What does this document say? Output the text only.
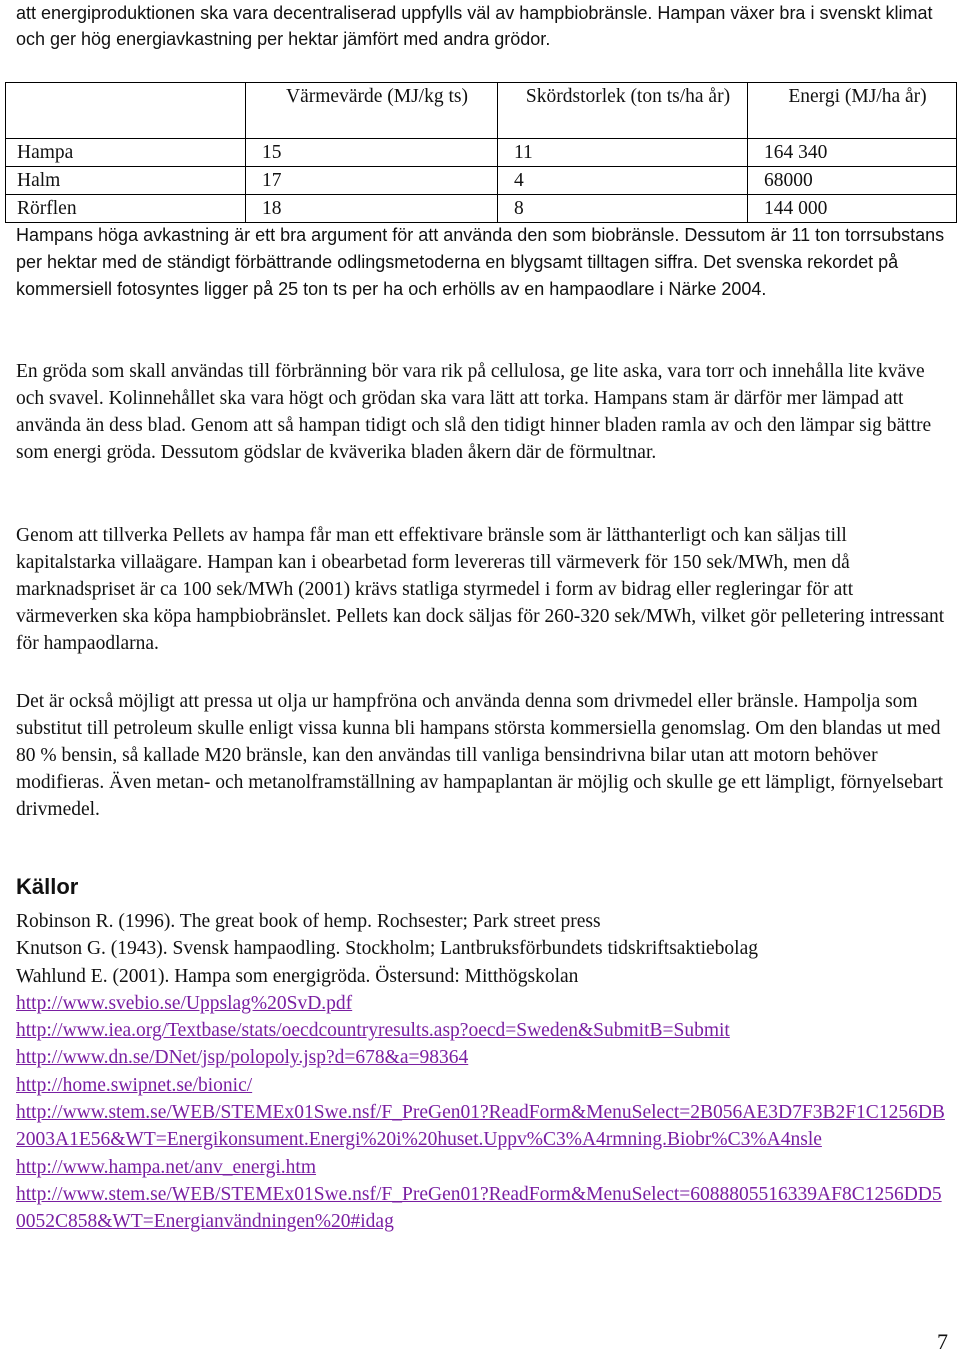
att energiproduktionen ska vara decentraliserad uppfylls väl av hampbiobränsle. Hampan växer bra i svenskt klimat och ger hög energiavkastning per hektar jämfört med andra grödor.

	Värmevärde (MJ/kg ts)	Skördstorlek (ton ts/ha år)	Energi (MJ/ha år)
Hampa	15	11	164 340
Halm	17	4	68000
Rörflen	18	8	144 000

Hampans höga avkastning är ett bra argument för att använda den som biobränsle. Dessutom är 11 ton torrsubstans per hektar med de ständigt förbättrande odlingsmetoderna en blygsamt tilltagen siffra. Det svenska rekordet på kommersiell fotosyntes ligger på 25 ton ts per ha och erhölls av en hampaodlare i Närke 2004.

En gröda som skall användas till förbränning bör vara rik på cellulosa, ge lite aska, vara torr och innehålla lite kväve och svavel. Kolinnehållet ska vara högt och grödan ska vara lätt att torka. Hampans stam är därför mer lämpad att använda än dess blad. Genom att så hampan tidigt och slå den tidigt hinner bladen ramla av och den lämpar sig bättre som energi gröda. Dessutom gödslar de kväverika bladen åkern där de förmultnar.

Genom att tillverka Pellets av hampa får man ett effektivare bränsle som är lätthanterligt och kan säljas till kapitalstarka villaägare. Hampan kan i obearbetad form levereras till värmeverk för 150 sek/MWh, men då marknadspriset är ca 100 sek/MWh (2001) krävs statliga styrmedel i form av bidrag eller regleringar för att värmeverken ska köpa hampbiobränslet. Pellets kan dock säljas för 260-320 sek/MWh, vilket gör pelletering intressant för hampaodlarna.

Det är också möjligt att pressa ut olja ur hampfröna och använda denna som drivmedel eller bränsle. Hampolja som substitut till petroleum skulle enligt vissa kunna bli hampans största kommersiella genomslag. Om den blandas ut med 80 % bensin, så kallade M20 bränsle, kan den användas till vanliga bensindrivna bilar utan att motorn behöver modifieras. Även metan- och metanolframställning av hampaplantan är möjlig och skulle ge ett lämpligt, förnyelsebart drivmedel.

Källor
Robinson R. (1996). The great book of hemp. Rochsester; Park street press
Knutson G. (1943). Svensk hampaodling. Stockholm; Lantbruksförbundets tidskriftsaktiebolag
Wahlund E. (2001). Hampa som energigröda. Östersund: Mitthögskolan
http://www.svebio.se/Uppslag%20SvD.pdf
http://www.iea.org/Textbase/stats/oecdcountryresults.asp?oecd=Sweden&SubmitB=Submit
http://www.dn.se/DNet/jsp/polopoly.jsp?d=678&a=98364
http://home.swipnet.se/bionic/
http://www.stem.se/WEB/STEMEx01Swe.nsf/F_PreGen01?ReadForm&MenuSelect=2B056AE3D7F3B2F1C1256DB2003A1E56&WT=Energikonsument.Energi%20i%20huset.Uppv%C3%A4rmning.Biobr%C3%A4nsle
http://www.hampa.net/anv_energi.htm
http://www.stem.se/WEB/STEMEx01Swe.nsf/F_PreGen01?ReadForm&MenuSelect=6088805516339AF8C1256DD50052C858&WT=Energianvändningen%20#idag
7
